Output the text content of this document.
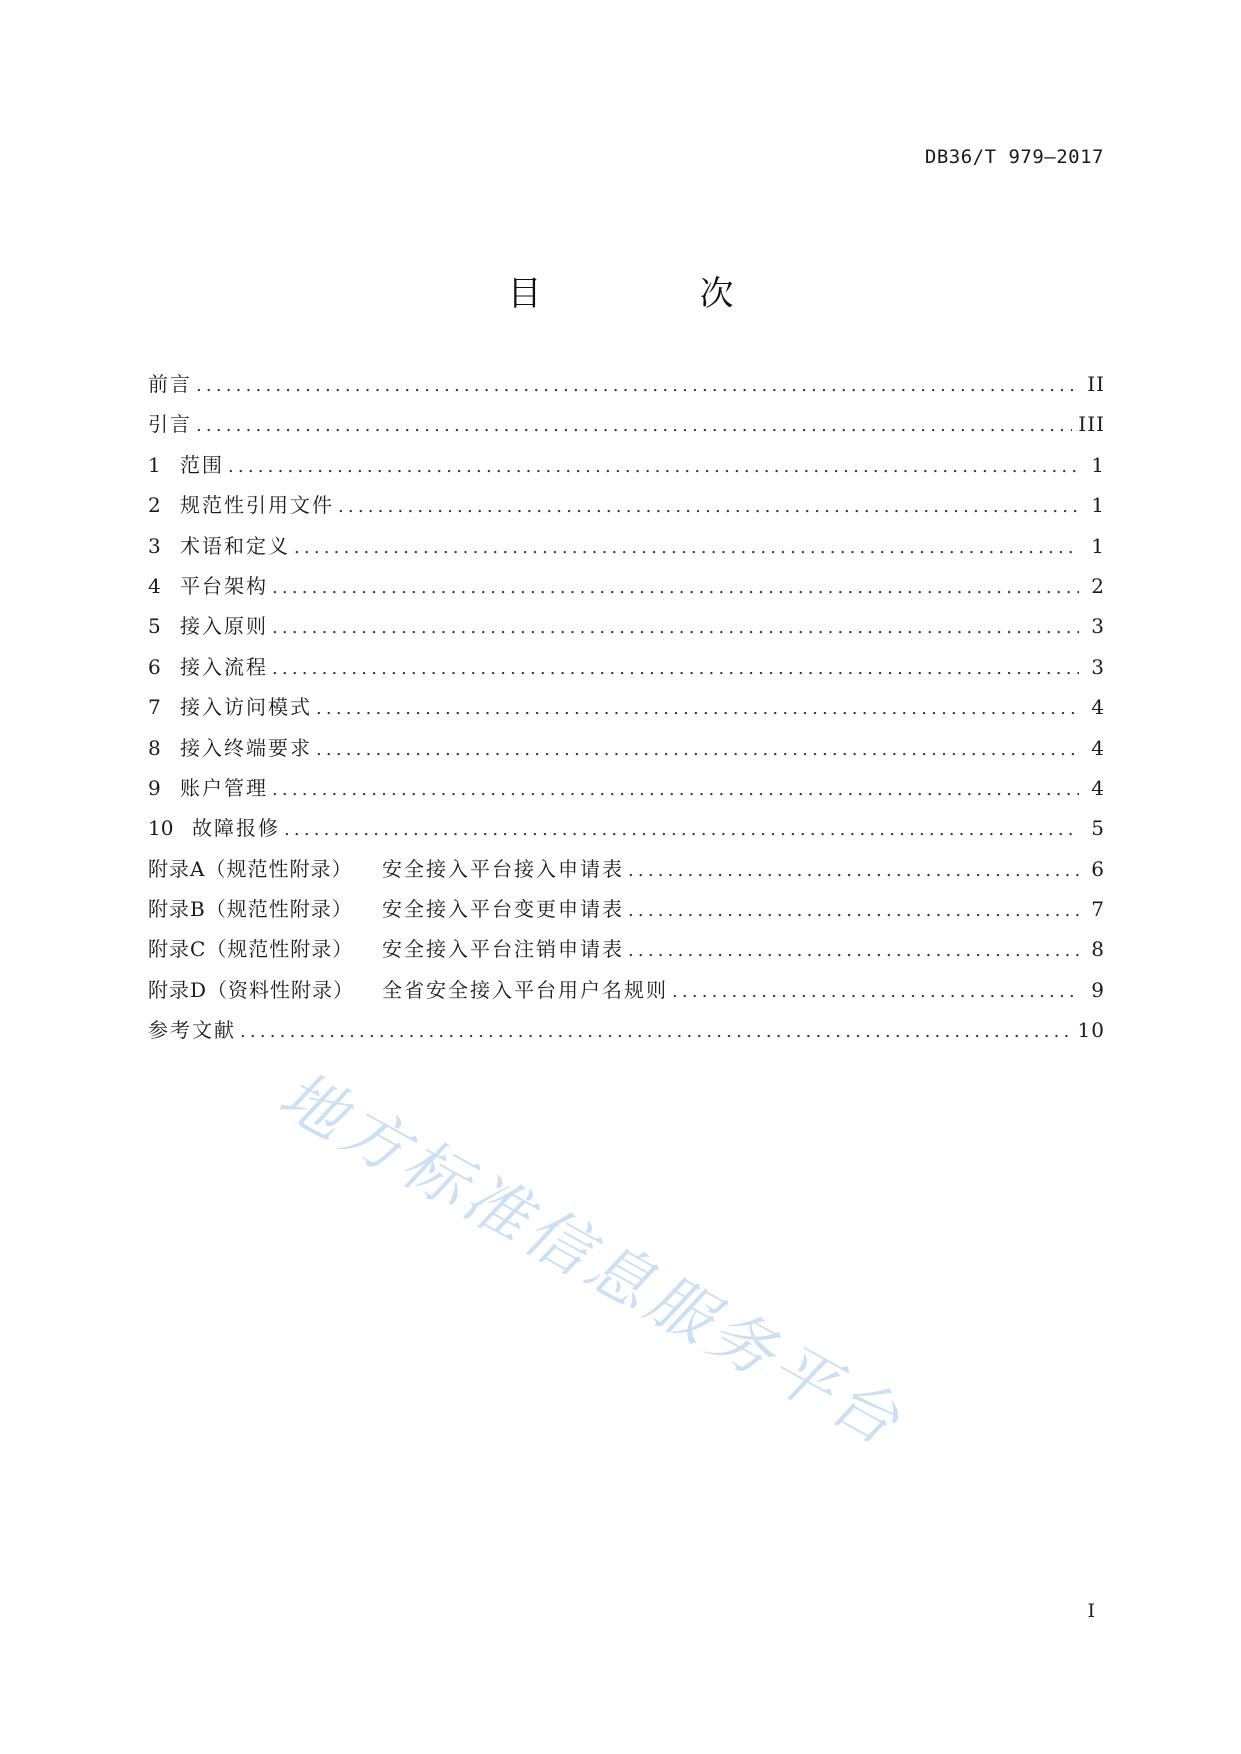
DB36/T 979—2017
目　次
前言 .....	II
引言 .....	III
1 范围 .....	1
2 规范性引用文件 .....	1
3 术语和定义 .....	1
4 平台架构 .....	2
5 接入原则 .....	3
6 接入流程 .....	3
7 接入访问模式 .....	4
8 接入终端要求 .....	4
9 账户管理 .....	4
10 故障报修 .....	5
附录A（规范性附录）	安全接入平台接入申请表 .....	6
附录B（规范性附录）	安全接入平台变更申请表 .....	7
附录C（规范性附录）	安全接入平台注销申请表 .....	8
附录D（资料性附录）	全省安全接入平台用户名规则 .....	9
参考文献 .....	10
地方标准信息服务平台
I
